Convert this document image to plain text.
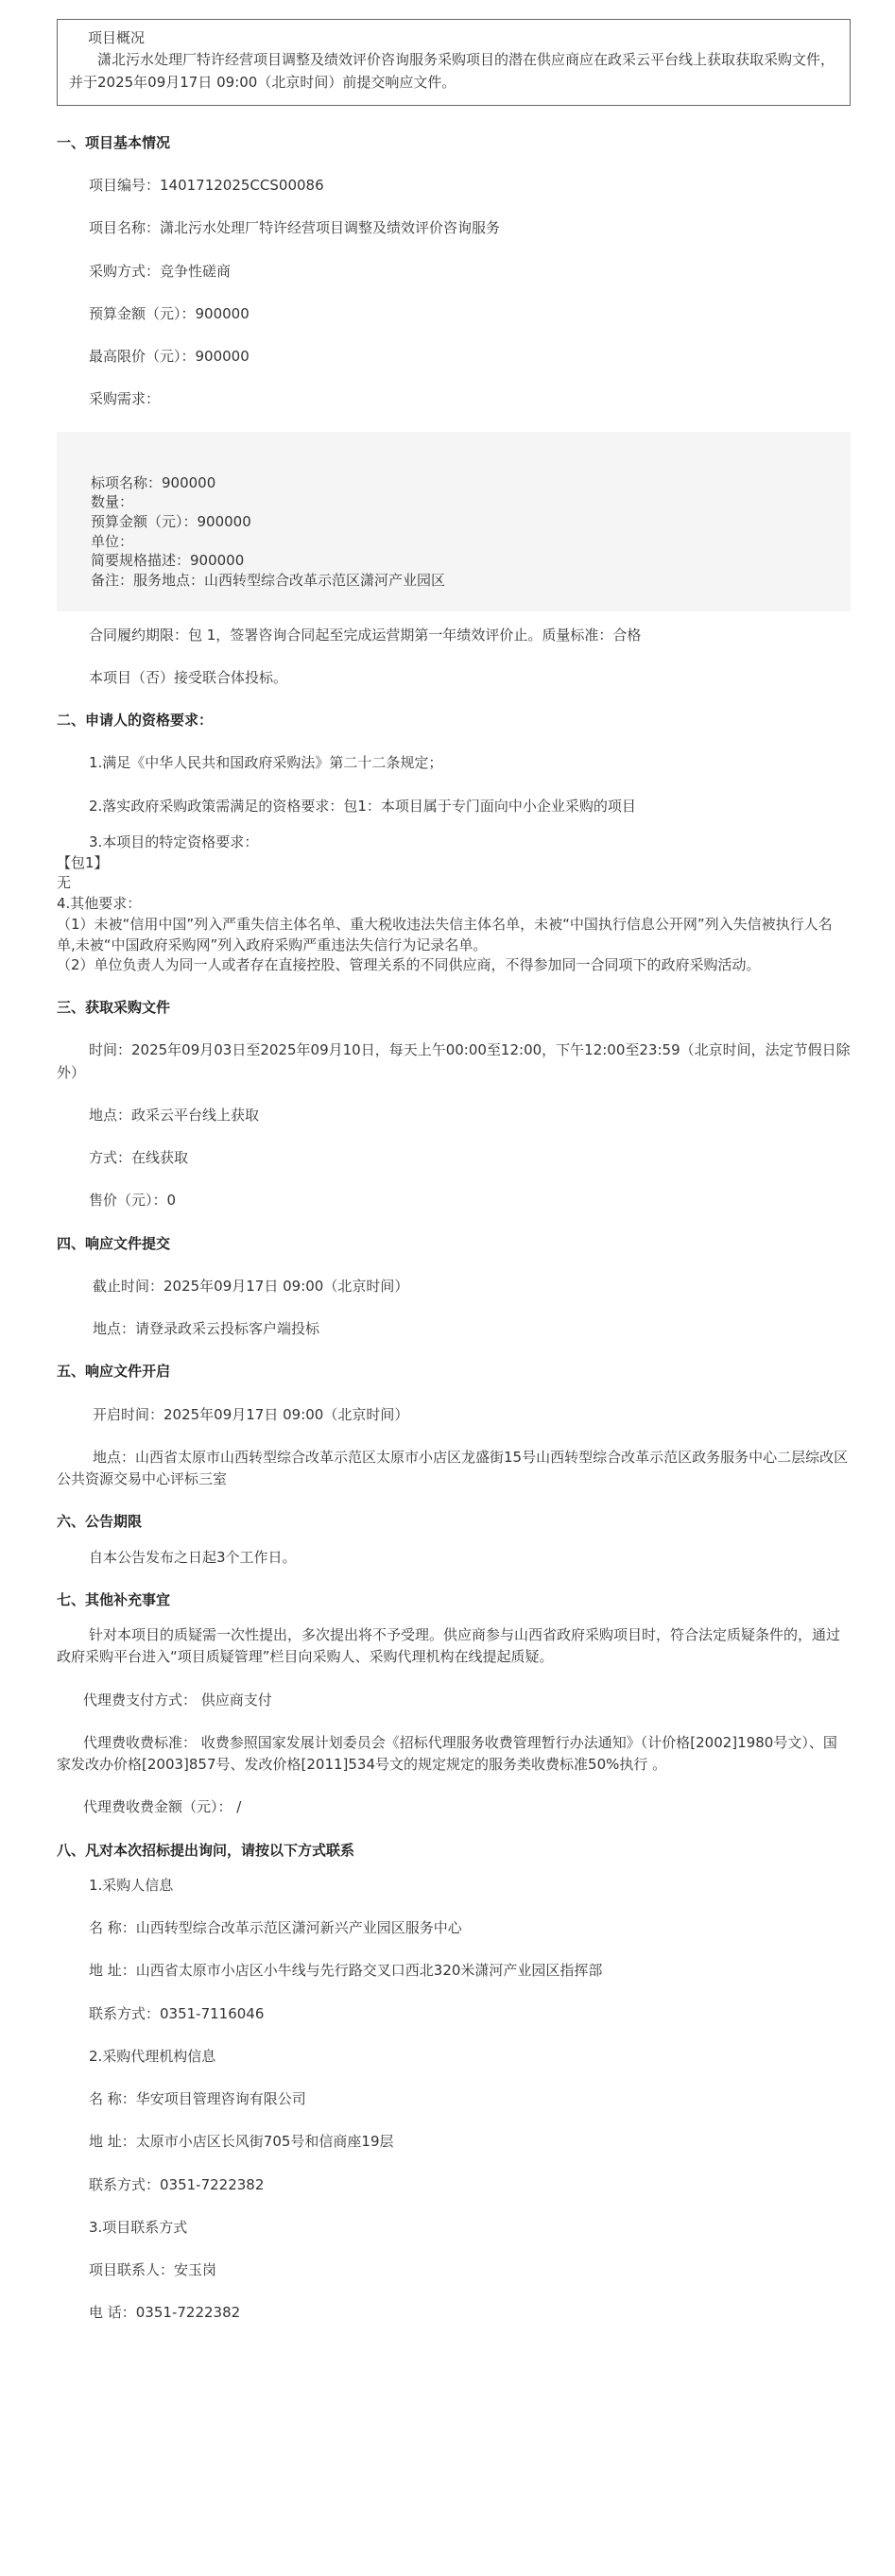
项目概况
潇北污水处理厂特许经营项目调整及绩效评价咨询服务采购项目的潜在供应商应在政采云平台线上获取获取采购文件，并于2025年09月17日 09:00（北京时间）前提交响应文件。
一、项目基本情况
项目编号：1401712025CCS00086
项目名称：潇北污水处理厂特许经营项目调整及绩效评价咨询服务
采购方式：竞争性磋商
预算金额（元）：900000
最高限价（元）：900000
采购需求：
标项名称：900000
数量：
预算金额（元）：900000
单位：
简要规格描述：900000
备注：服务地点：山西转型综合改革示范区潇河产业园区
合同履约期限：包 1，签署咨询合同起至完成运营期第一年绩效评价止。质量标准：合格
本项目（否）接受联合体投标。
二、申请人的资格要求：
1.满足《中华人民共和国政府采购法》第二十二条规定；
2.落实政府采购政策需满足的资格要求：包1：本项目属于专门面向中小企业采购的项目
3.本项目的特定资格要求：
【包1】
无
4.其他要求：
（1）未被“信用中国”列入严重失信主体名单、重大税收违法失信主体名单，未被“中国执行信息公开网”列入失信被执行人名单,未被“中国政府采购网”列入政府采购严重违法失信行为记录名单。
（2）单位负责人为同一人或者存在直接控股、管理关系的不同供应商，不得参加同一合同项下的政府采购活动。
三、获取采购文件
时间：2025年09月03日至2025年09月10日，每天上午00:00至12:00，下午12:00至23:59（北京时间，法定节假日除外）
地点：政采云平台线上获取
方式：在线获取
售价（元）：0
四、响应文件提交
截止时间：2025年09月17日 09:00（北京时间）
地点：请登录政采云投标客户端投标
五、响应文件开启
开启时间：2025年09月17日 09:00（北京时间）
地点：山西省太原市山西转型综合改革示范区太原市小店区龙盛街15号山西转型综合改革示范区政务服务中心二层综改区公共资源交易中心评标三室
六、公告期限
自本公告发布之日起3个工作日。
七、其他补充事宜
针对本项目的质疑需一次性提出，多次提出将不予受理。供应商参与山西省政府采购项目时，符合法定质疑条件的，通过政府采购平台进入“项目质疑管理”栏目向采购人、采购代理机构在线提起质疑。
代理费支付方式： 供应商支付
代理费收费标准： 收费参照国家发展计划委员会《招标代理服务收费管理暂行办法通知》（计价格[2002]1980号文）、国家发改办价格[2003]857号、发改价格[2011]534号文的规定规定的服务类收费标准50%执行 。
代理费收费金额（元）： /
八、凡对本次招标提出询问，请按以下方式联系
1.采购人信息
名 称：山西转型综合改革示范区潇河新兴产业园区服务中心
地 址：山西省太原市小店区小牛线与先行路交叉口西北320米潇河产业园区指挥部
联系方式：0351-7116046
2.采购代理机构信息
名 称：华安项目管理咨询有限公司
地 址：太原市小店区长风街705号和信商座19层
联系方式：0351-7222382
3.项目联系方式
项目联系人：安玉岗
电 话：0351-7222382
